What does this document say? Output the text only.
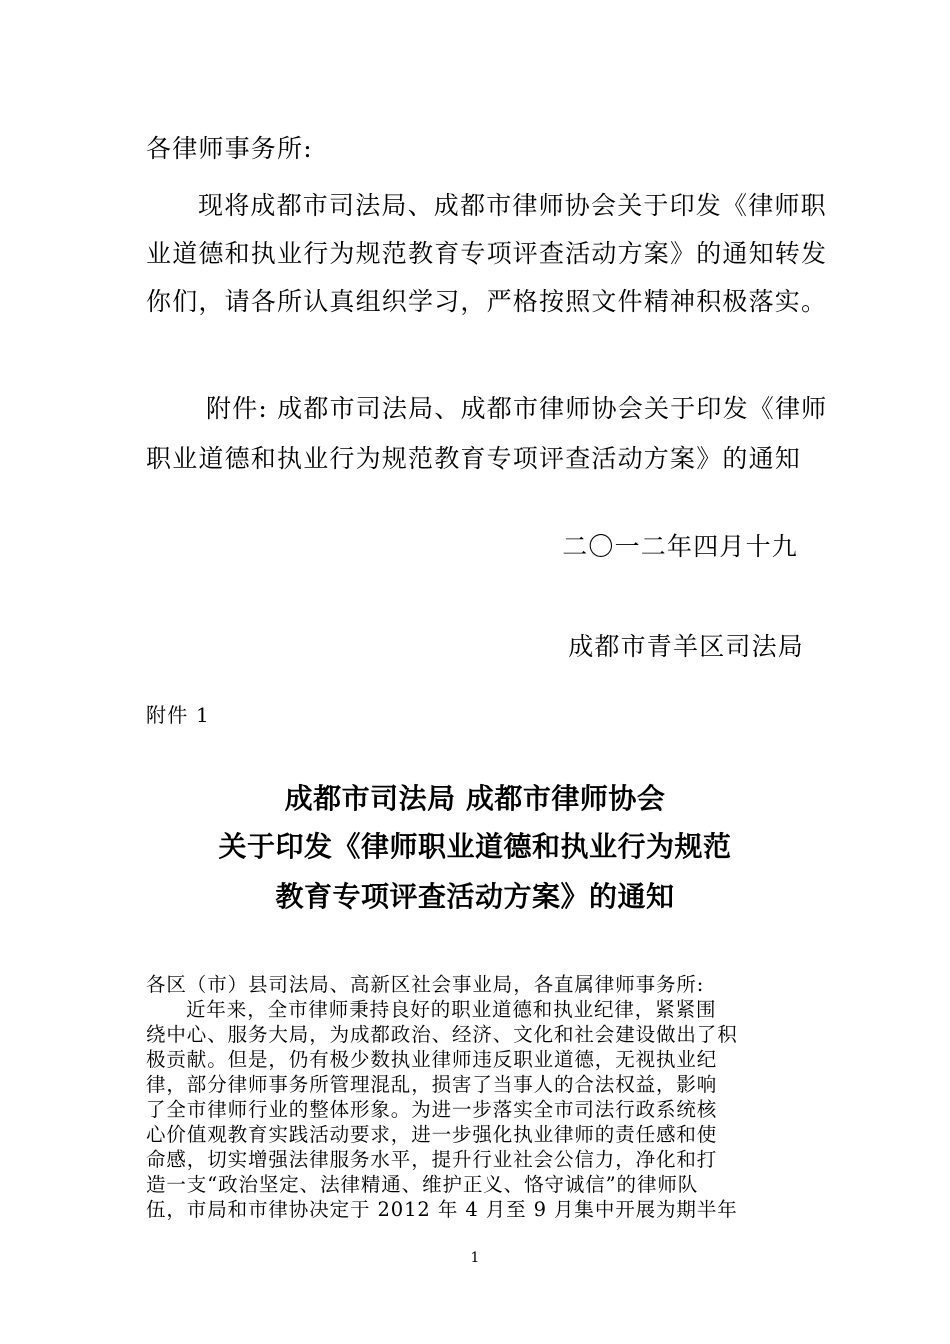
各律师事务所:
现将成都市司法局、成都市律师协会关于印发《律师职
业道德和执业行为规范教育专项评查活动方案》的通知转发
你们，请各所认真组织学习，严格按照文件精神积极落实。
附件: 成都市司法局、成都市律师协会关于印发《律师
职业道德和执业行为规范教育专项评查活动方案》的通知
二〇一二年四月十九
成都市青羊区司法局
附件 1
成都市司法局 成都市律师协会
关于印发《律师职业道德和执业行为规范
教育专项评查活动方案》的通知
各区（市）县司法局、高新区社会事业局，各直属律师事务所:
近年来，全市律师秉持良好的职业道德和执业纪律，紧紧围
绕中心、服务大局，为成都政治、经济、文化和社会建设做出了积
极贡献。但是，仍有极少数执业律师违反职业道德，无视执业纪
律，部分律师事务所管理混乱，损害了当事人的合法权益，影响
了全市律师行业的整体形象。为进一步落实全市司法行政系统核
心价值观教育实践活动要求，进一步强化执业律师的责任感和使
命感，切实增强法律服务水平，提升行业社会公信力，净化和打
造一支“政治坚定、法律精通、维护正义、恪守诚信”的律师队
伍，市局和市律协决定于 2012 年 4 月至 9 月集中开展为期半年
1
